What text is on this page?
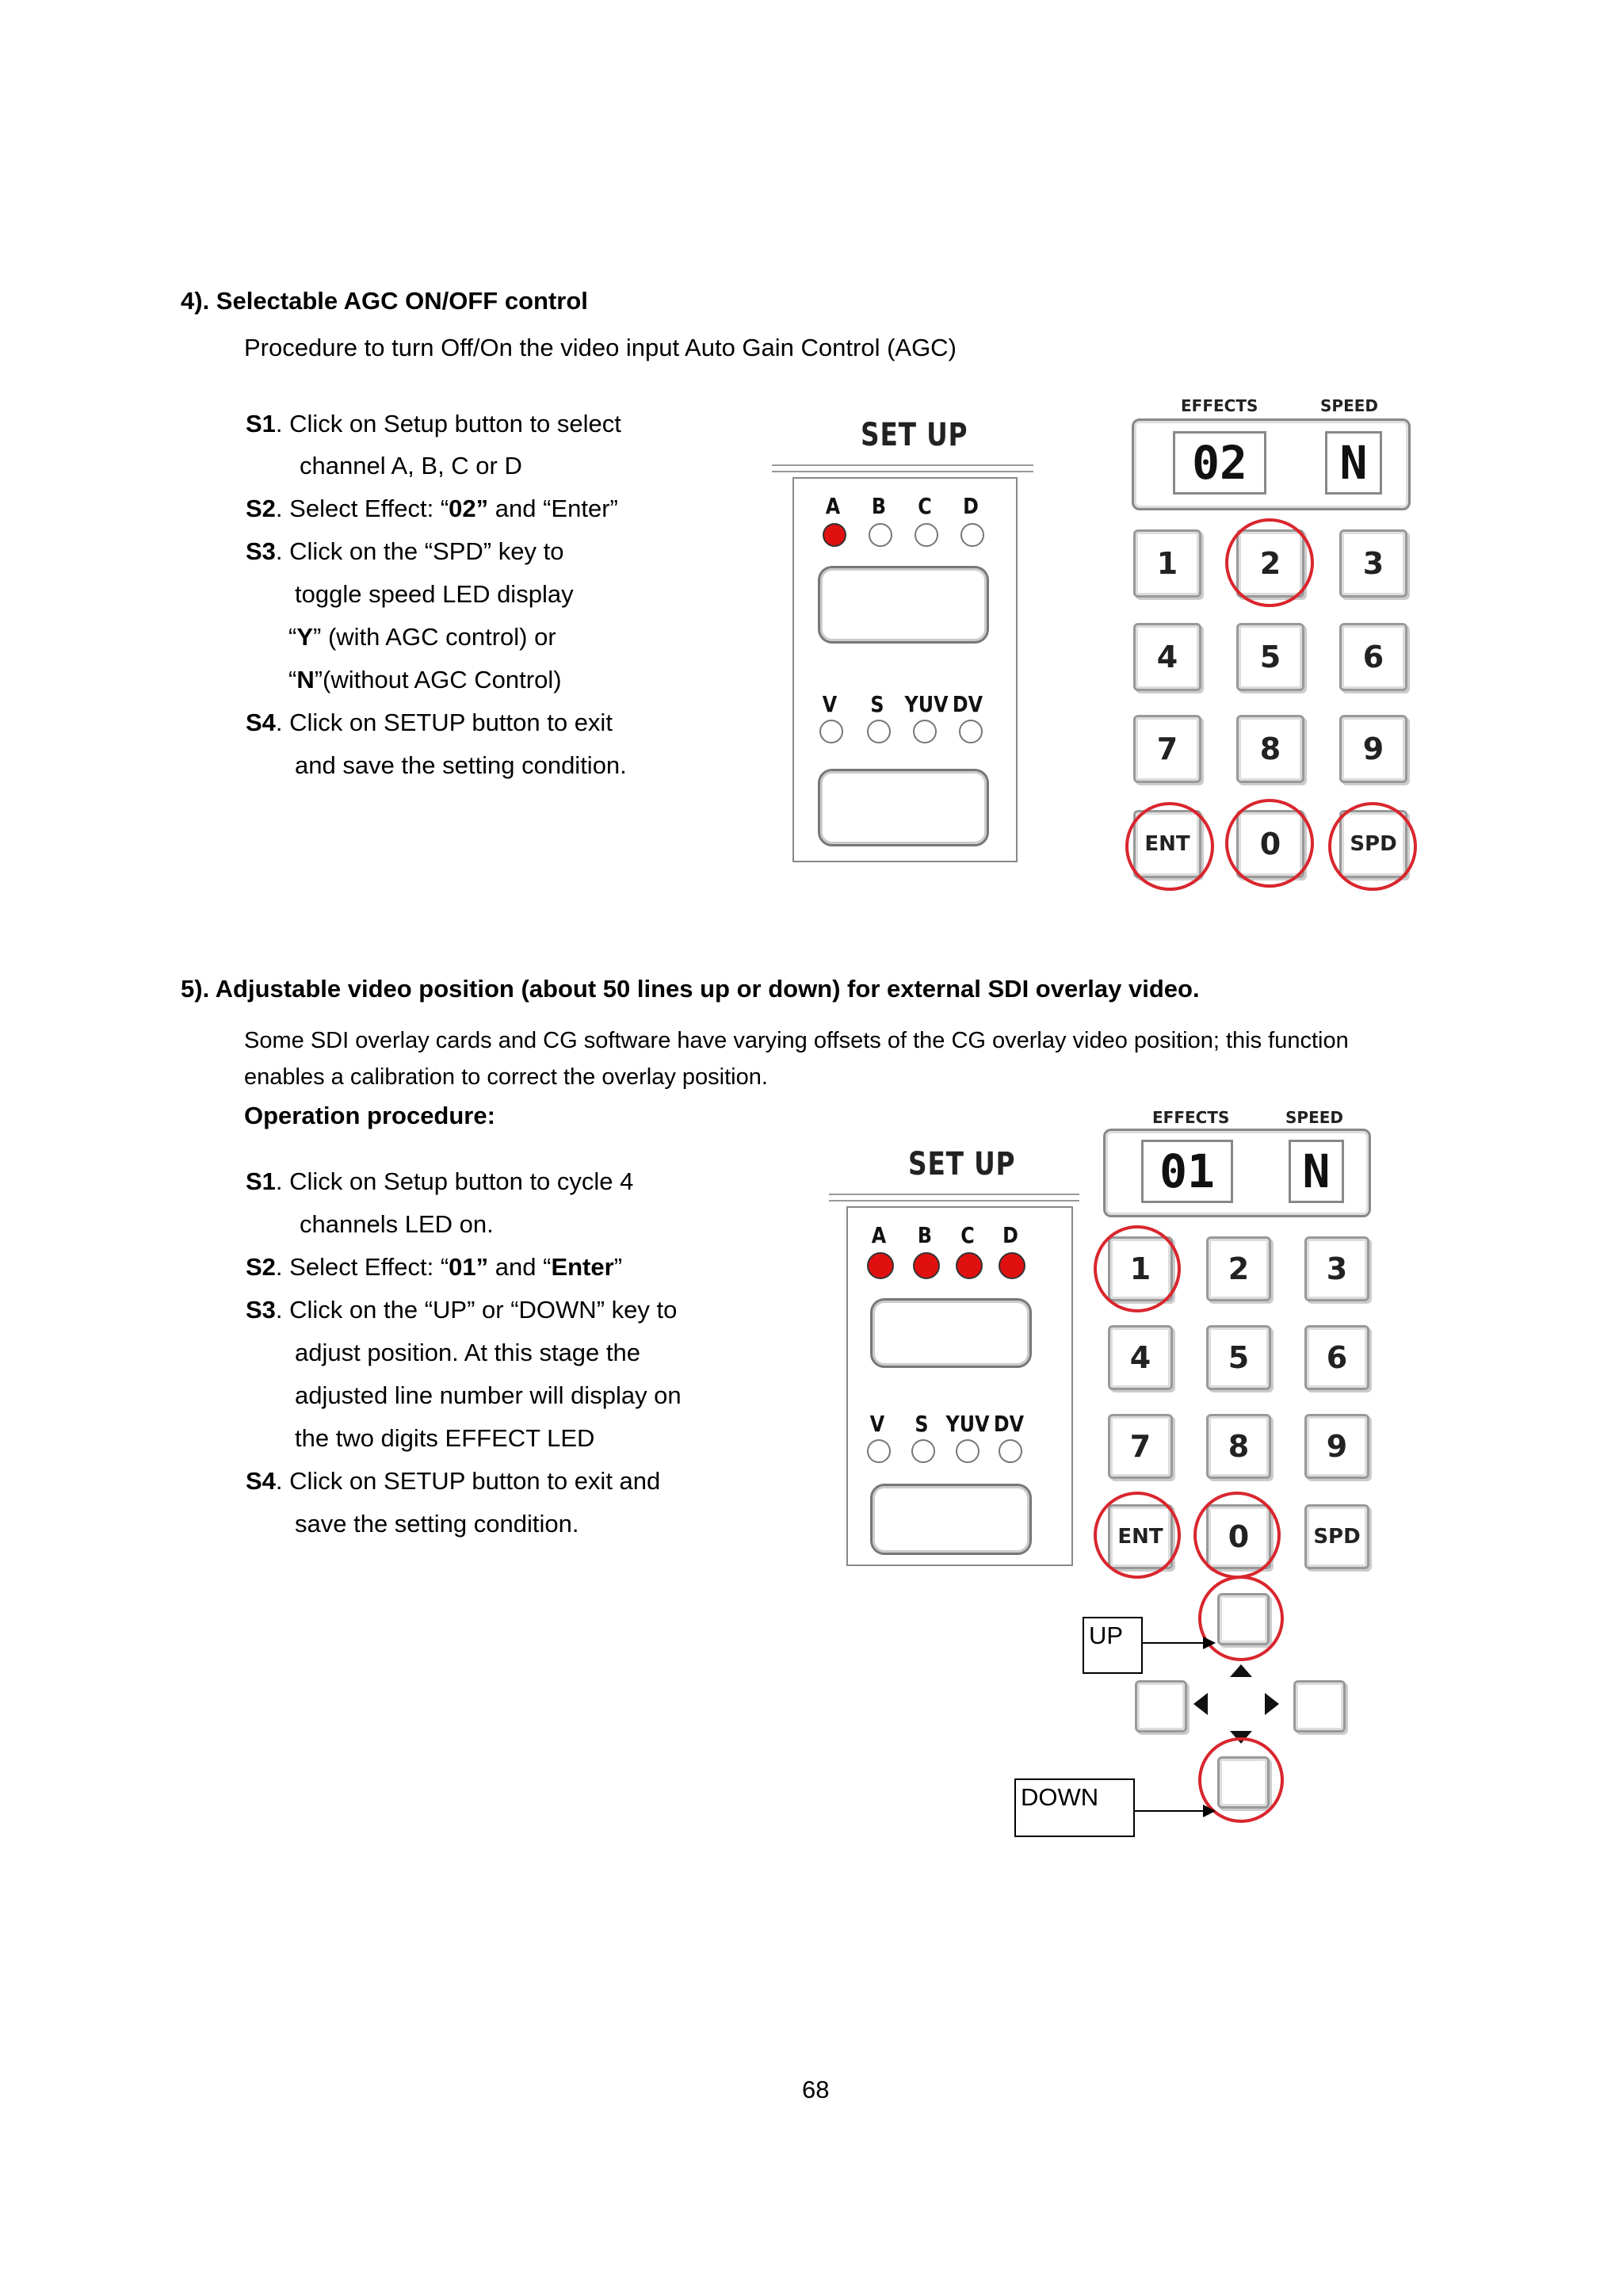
4). Selectable AGC ON/OFF control
Procedure to turn Off/On the video input Auto Gain Control (AGC)
S1. Click on Setup button to select
channel A, B, C or D
S2. Select Effect: “02” and “Enter”
S3. Click on the “SPD” key to
toggle speed LED display
“Y” (with AGC control) or
“N”(without AGC Control)
S4. Click on SETUP button to exit
and save the setting condition.
SET UP
A B C D
V S YUV DV
EFFECTS	SPEED
02	N
1	2	3
4	5	6
7	8	9
ENT	0	SPD
5). Adjustable video position (about 50 lines up or down) for external SDI overlay video.
Some SDI overlay cards and CG software have varying offsets of the CG overlay video position; this function
enables a calibration to correct the overlay position.
Operation procedure:
S1. Click on Setup button to cycle 4
channels LED on.
S2. Select Effect: “01” and “Enter”
S3. Click on the “UP” or “DOWN” key to
adjust position. At this stage the
adjusted line number will display on
the two digits EFFECT LED
S4. Click on SETUP button to exit and
save the setting condition.
SET UP
A B C D
V S YUV DV
EFFECTS	SPEED
01	N
1	2	3
4	5	6
7	8	9
ENT	0	SPD
UP
DOWN
68
